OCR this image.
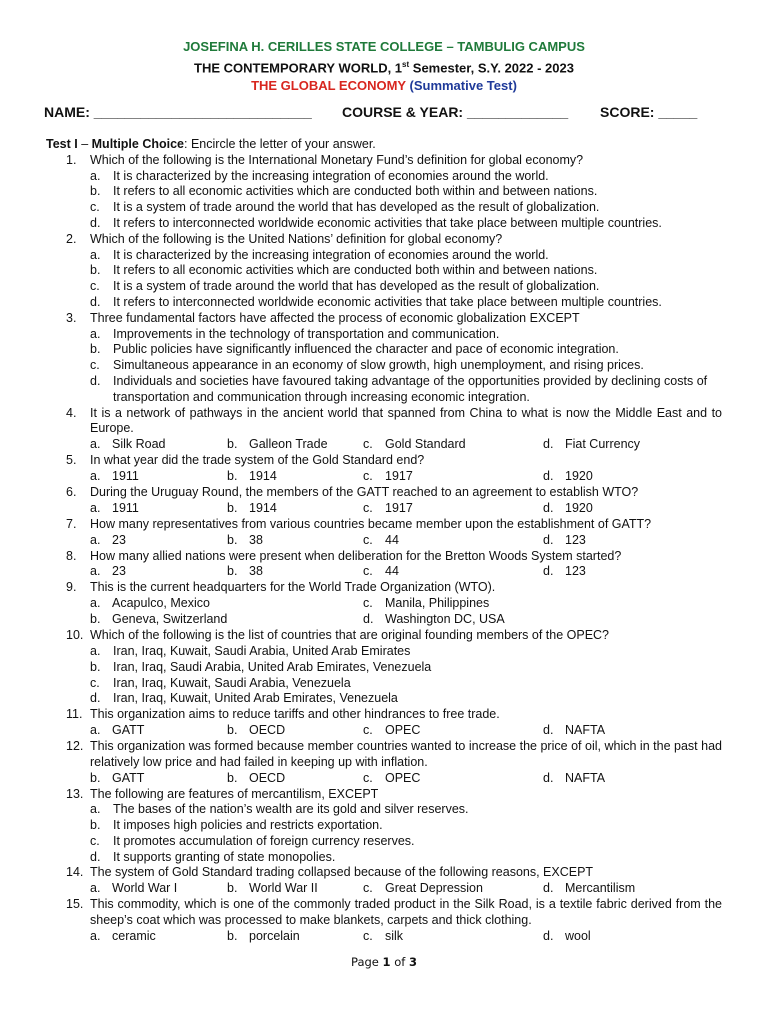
JOSEFINA H. CERILLES STATE COLLEGE – TAMBULIG CAMPUS
THE CONTEMPORARY WORLD, 1st Semester, S.Y. 2022 - 2023
THE GLOBAL ECONOMY (Summative Test)
NAME: ____________________________ COURSE & YEAR: _____________ SCORE: _____
Test I – Multiple Choice: Encircle the letter of your answer.
1. Which of the following is the International Monetary Fund’s definition for global economy?
a. It is characterized by the increasing integration of economies around the world.
b. It refers to all economic activities which are conducted both within and between nations.
c. It is a system of trade around the world that has developed as the result of globalization.
d. It refers to interconnected worldwide economic activities that take place between multiple countries.
2. Which of the following is the United Nations’ definition for global economy?
a. It is characterized by the increasing integration of economies around the world.
b. It refers to all economic activities which are conducted both within and between nations.
c. It is a system of trade around the world that has developed as the result of globalization.
d. It refers to interconnected worldwide economic activities that take place between multiple countries.
3. Three fundamental factors have affected the process of economic globalization EXCEPT
a. Improvements in the technology of transportation and communication.
b. Public policies have significantly influenced the character and pace of economic integration.
c. Simultaneous appearance in an economy of slow growth, high unemployment, and rising prices.
d. Individuals and societies have favoured taking advantage of the opportunities provided by declining costs of transportation and communication through increasing economic integration.
4. It is a network of pathways in the ancient world that spanned from China to what is now the Middle East and to Europe.
a. Silk Road	b. Galleon Trade	c. Gold Standard	d. Fiat Currency
5. In what year did the trade system of the Gold Standard end?
a. 1911	b. 1914	c. 1917	d. 1920
6. During the Uruguay Round, the members of the GATT reached to an agreement to establish WTO?
a. 1911	b. 1914	c. 1917	d. 1920
7. How many representatives from various countries became member upon the establishment of GATT?
a. 23	b. 38	c. 44	d. 123
8. How many allied nations were present when deliberation for the Bretton Woods System started?
a. 23	b. 38	c. 44	d. 123
9. This is the current headquarters for the World Trade Organization (WTO).
a. Acapulco, Mexico	c. Manila, Philippines
b. Geneva, Switzerland	d. Washington DC, USA
10. Which of the following is the list of countries that are original founding members of the OPEC?
a. Iran, Iraq, Kuwait, Saudi Arabia, United Arab Emirates
b. Iran, Iraq, Saudi Arabia, United Arab Emirates, Venezuela
c. Iran, Iraq, Kuwait, Saudi Arabia, Venezuela
d. Iran, Iraq, Kuwait, United Arab Emirates, Venezuela
11. This organization aims to reduce tariffs and other hindrances to free trade.
a. GATT	b. OECD	c. OPEC	d. NAFTA
12. This organization was formed because member countries wanted to increase the price of oil, which in the past had relatively low price and had failed in keeping up with inflation.
b. GATT	b. OECD	c. OPEC	d. NAFTA
13. The following are features of mercantilism, EXCEPT
a. The bases of the nation’s wealth are its gold and silver reserves.
b. It imposes high policies and restricts exportation.
c. It promotes accumulation of foreign currency reserves.
d. It supports granting of state monopolies.
14. The system of Gold Standard trading collapsed because of the following reasons, EXCEPT
a. World War I	b. World War II	c. Great Depression	d. Mercantilism
15. This commodity, which is one of the commonly traded product in the Silk Road, is a textile fabric derived from the sheep’s coat which was processed to make blankets, carpets and thick clothing.
a. ceramic	b. porcelain	c. silk	d. wool
Page 1 of 3
